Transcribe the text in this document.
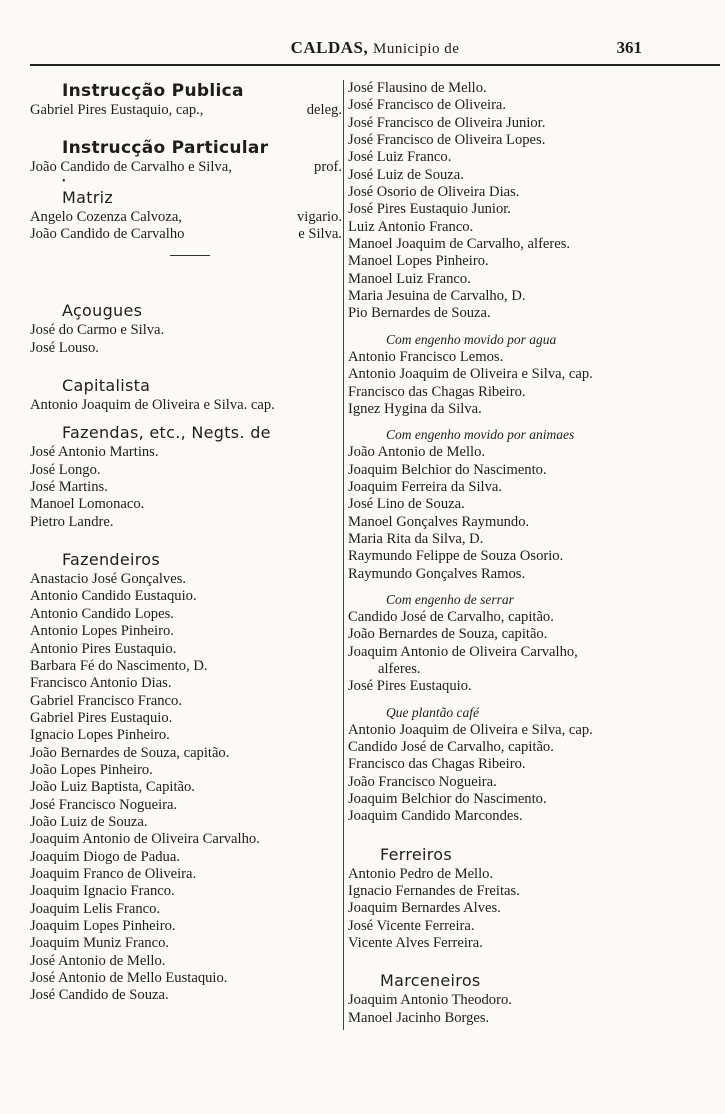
CALDAS, Municipio de	361
Instrucção Publica
Gabriel Pires Eustaquio, cap.,	deleg.
Instrucção Particular
João Candido de Carvalho e Silva,	prof.
•
Matriz
Angelo Cozenza Calvoza,	vigario.
João Candido de Carvalho	e Silva.
Açougues
José do Carmo e Silva.
José Louso.
Capitalista
Antonio Joaquim de Oliveira e Silva. cap.
Fazendas, etc., Negts. de
José Antonio Martins.
José Longo.
José Martins.
Manoel Lomonaco.
Pietro Landre.
Fazendeiros
Anastacio José Gonçalves.
Antonio Candido Eustaquio.
Antonio Candido Lopes.
Antonio Lopes Pinheiro.
Antonio Pires Eustaquio.
Barbara Fé do Nascimento, D.
Francisco Antonio Dias.
Gabriel Francisco Franco.
Gabriel Pires Eustaquio.
Ignacio Lopes Pinheiro.
João Bernardes de Souza, capitão.
João Lopes Pinheiro.
João Luiz Baptista, Capitão.
José Francisco Nogueira.
João Luiz de Souza.
Joaquim Antonio de Oliveira Carvalho.
Joaquim Diogo de Padua.
Joaquim Franco de Oliveira.
Joaquim Ignacio Franco.
Joaquim Lelis Franco.
Joaquim Lopes Pinheiro.
Joaquim Muniz Franco.
José Antonio de Mello.
José Antonio de Mello Eustaquio.
José Candido de Souza.
José Flausino de Mello.
José Francisco de Oliveira.
José Francisco de Oliveira Junior.
José Francisco de Oliveira Lopes.
José Luiz Franco.
José Luiz de Souza.
José Osorio de Oliveira Dias.
José Pires Eustaquio Junior.
Luiz Antonio Franco.
Manoel Joaquim de Carvalho, alferes.
Manoel Lopes Pinheiro.
Manoel Luiz Franco.
Maria Jesuina de Carvalho, D.
Pio Bernardes de Souza.
Com engenho movido por agua
Antonio Francisco Lemos.
Antonio Joaquim de Oliveira e Silva, cap.
Francisco das Chagas Ribeiro.
Ignez Hygina da Silva.
Com engenho movido por animaes
João Antonio de Mello.
Joaquim Belchior do Nascimento.
Joaquim Ferreira da Silva.
José Lino de Souza.
Manoel Gonçalves Raymundo.
Maria Rita da Silva, D.
Raymundo Felippe de Souza Osorio.
Raymundo Gonçalves Ramos.
Com engenho de serrar
Candido José de Carvalho, capitão.
João Bernardes de Souza, capitão.
Joaquim Antonio de Oliveira Carvalho,
alferes.
José Pires Eustaquio.
Que plantão café
Antonio Joaquim de Oliveira e Silva, cap.
Candido José de Carvalho, capitão.
Francisco das Chagas Ribeiro.
João Francisco Nogueira.
Joaquim Belchior do Nascimento.
Joaquim Candido Marcondes.
Ferreiros
Antonio Pedro de Mello.
Ignacio Fernandes de Freitas.
Joaquim Bernardes Alves.
José Vicente Ferreira.
Vicente Alves Ferreira.
Marceneiros
Joaquim Antonio Theodoro.
Manoel Jacinho Borges.
